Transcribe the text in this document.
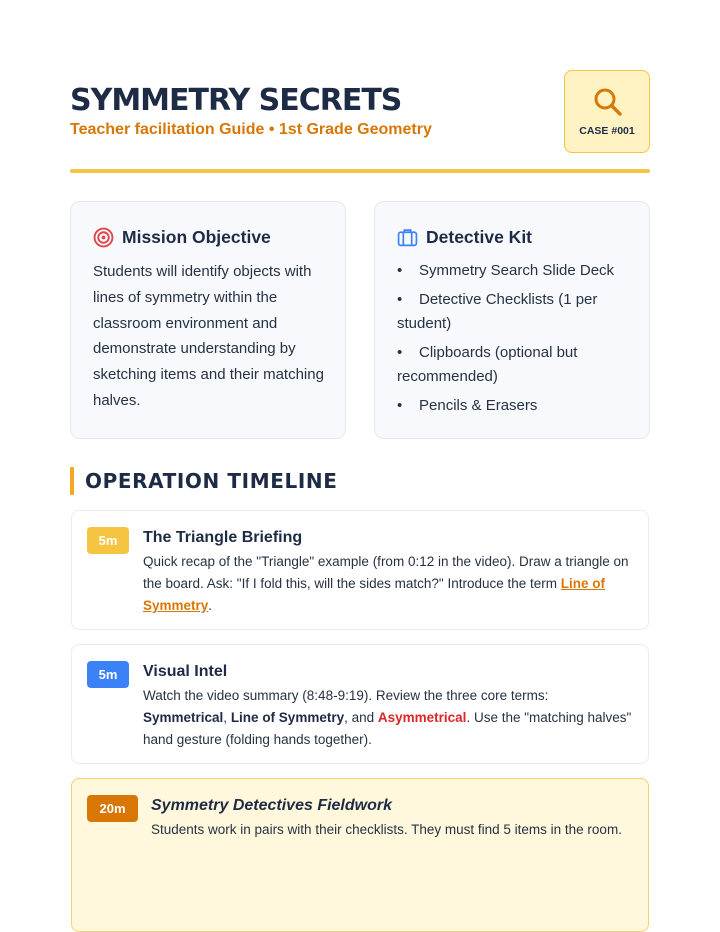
SYMMETRY SECRETS
Teacher facilitation Guide • 1st Grade Geometry	CASE #001
Mission Objective
Students will identify objects with lines of symmetry within the classroom environment and demonstrate understanding by sketching items and their matching halves.
Detective Kit
• Symmetry Search Slide Deck
• Detective Checklists (1 per student)
• Clipboards (optional but recommended)
• Pencils & Erasers
OPERATION TIMELINE
5m	The Triangle Briefing
Quick recap of the "Triangle" example (from 0:12 in the video). Draw a triangle on the board. Ask: "If I fold this, will the sides match?" Introduce the term Line of Symmetry.
5m	Visual Intel
Watch the video summary (8:48-9:19). Review the three core terms: Symmetrical, Line of Symmetry, and Asymmetrical. Use the "matching halves" hand gesture (folding hands together).
20m	Symmetry Detectives Fieldwork
Students work in pairs with their checklists. They must find 5 items in the room.
